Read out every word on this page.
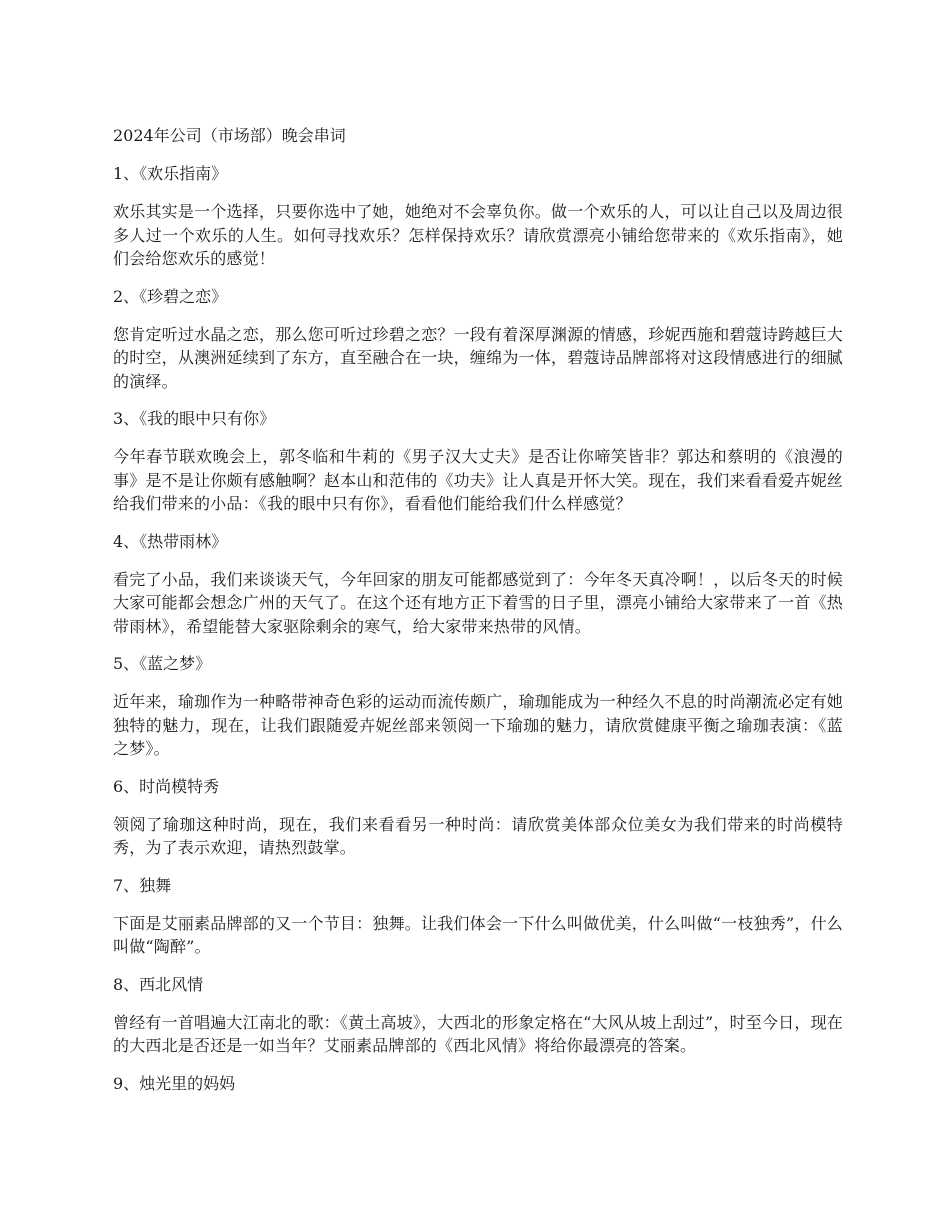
2024年公司（市场部）晚会串词
1、《欢乐指南》
欢乐其实是一个选择，只要你选中了她，她绝对不会辜负你。做一个欢乐的人，可以让自己以及周边很多人过一个欢乐的人生。如何寻找欢乐？怎样保持欢乐？请欣赏漂亮小铺给您带来的《欢乐指南》，她们会给您欢乐的感觉！
2、《珍碧之恋》
您肯定听过水晶之恋，那么您可听过珍碧之恋？一段有着深厚渊源的情感，珍妮西施和碧蔻诗跨越巨大的时空，从澳洲延续到了东方，直至融合在一块，缠绵为一体，碧蔻诗品牌部将对这段情感进行的细腻的演绎。
3、《我的眼中只有你》
今年春节联欢晚会上，郭冬临和牛莉的《男子汉大丈夫》是否让你啼笑皆非？郭达和蔡明的《浪漫的事》是不是让你颇有感触啊？赵本山和范伟的《功夫》让人真是开怀大笑。现在，我们来看看爱卉妮丝给我们带来的小品：《我的眼中只有你》，看看他们能给我们什么样感觉？
4、《热带雨林》
看完了小品，我们来谈谈天气，今年回家的朋友可能都感觉到了：今年冬天真冷啊！，以后冬天的时候大家可能都会想念广州的天气了。在这个还有地方正下着雪的日子里，漂亮小铺给大家带来了一首《热带雨林》，希望能替大家驱除剩余的寒气，给大家带来热带的风情。
5、《蓝之梦》
近年来，瑜珈作为一种略带神奇色彩的运动而流传颇广，瑜珈能成为一种经久不息的时尚潮流必定有她独特的魅力，现在，让我们跟随爱卉妮丝部来领阅一下瑜珈的魅力，请欣赏健康平衡之瑜珈表演：《蓝之梦》。
6、时尚模特秀
领阅了瑜珈这种时尚，现在，我们来看看另一种时尚：请欣赏美体部众位美女为我们带来的时尚模特秀，为了表示欢迎，请热烈鼓掌。
7、独舞
下面是艾丽素品牌部的又一个节目：独舞。让我们体会一下什么叫做优美，什么叫做“一枝独秀”，什么叫做“陶醉”。
8、西北风情
曾经有一首唱遍大江南北的歌：《黄土高坡》，大西北的形象定格在“大风从坡上刮过”，时至今日，现在的大西北是否还是一如当年？艾丽素品牌部的《西北风情》将给你最漂亮的答案。
9、烛光里的妈妈
